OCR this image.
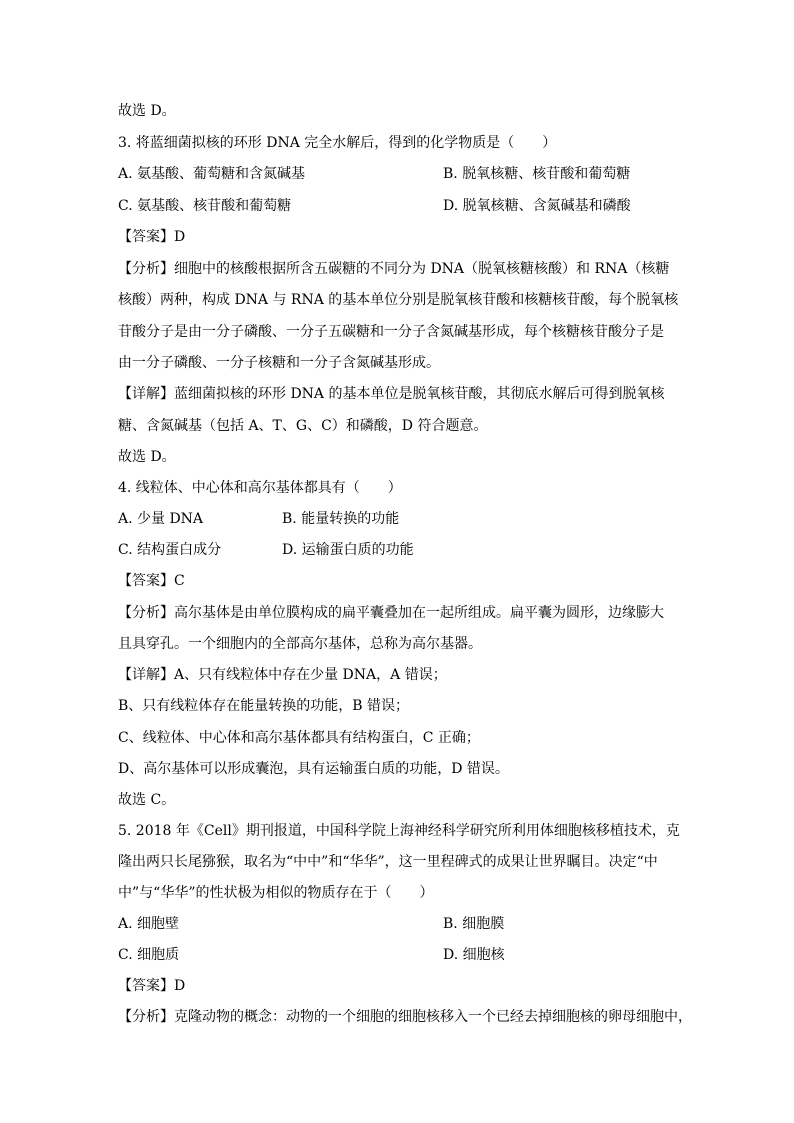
故选 D。
3. 将蓝细菌拟核的环形 DNA 完全水解后，得到的化学物质是（　　）
A. 氨基酸、葡萄糖和含氮碱基	B. 脱氧核糖、核苷酸和葡萄糖
C. 氨基酸、核苷酸和葡萄糖	D. 脱氧核糖、含氮碱基和磷酸
【答案】D
【分析】细胞中的核酸根据所含五碳糖的不同分为 DNA（脱氧核糖核酸）和 RNA（核糖
核酸）两种，构成 DNA 与 RNA 的基本单位分别是脱氧核苷酸和核糖核苷酸，每个脱氧核
苷酸分子是由一分子磷酸、一分子五碳糖和一分子含氮碱基形成，每个核糖核苷酸分子是
由一分子磷酸、一分子核糖和一分子含氮碱基形成。
【详解】蓝细菌拟核的环形 DNA 的基本单位是脱氧核苷酸，其彻底水解后可得到脱氧核
糖、含氮碱基（包括 A、T、G、C）和磷酸，D 符合题意。
故选 D。
4. 线粒体、中心体和高尔基体都具有（　　）
A. 少量 DNA	B. 能量转换的功能
C. 结构蛋白成分	D. 运输蛋白质的功能
【答案】C
【分析】高尔基体是由单位膜构成的扁平囊叠加在一起所组成。扁平囊为圆形，边缘膨大
且具穿孔。一个细胞内的全部高尔基体，总称为高尔基器。
【详解】A、只有线粒体中存在少量 DNA，A 错误；
B、只有线粒体存在能量转换的功能，B 错误；
C、线粒体、中心体和高尔基体都具有结构蛋白，C 正确；
D、高尔基体可以形成囊泡，具有运输蛋白质的功能，D 错误。
故选 C。
5. 2018 年《Cell》期刊报道，中国科学院上海神经科学研究所利用体细胞核移植技术，克
隆出两只长尾猕猴，取名为“中中”和“华华”，这一里程碑式的成果让世界瞩目。决定“中
中”与“华华”的性状极为相似的物质存在于（　　）
A. 细胞壁	B. 细胞膜
C. 细胞质	D. 细胞核
【答案】D
【分析】克隆动物的概念：动物的一个细胞的细胞核移入一个已经去掉细胞核的卵母细胞中，
